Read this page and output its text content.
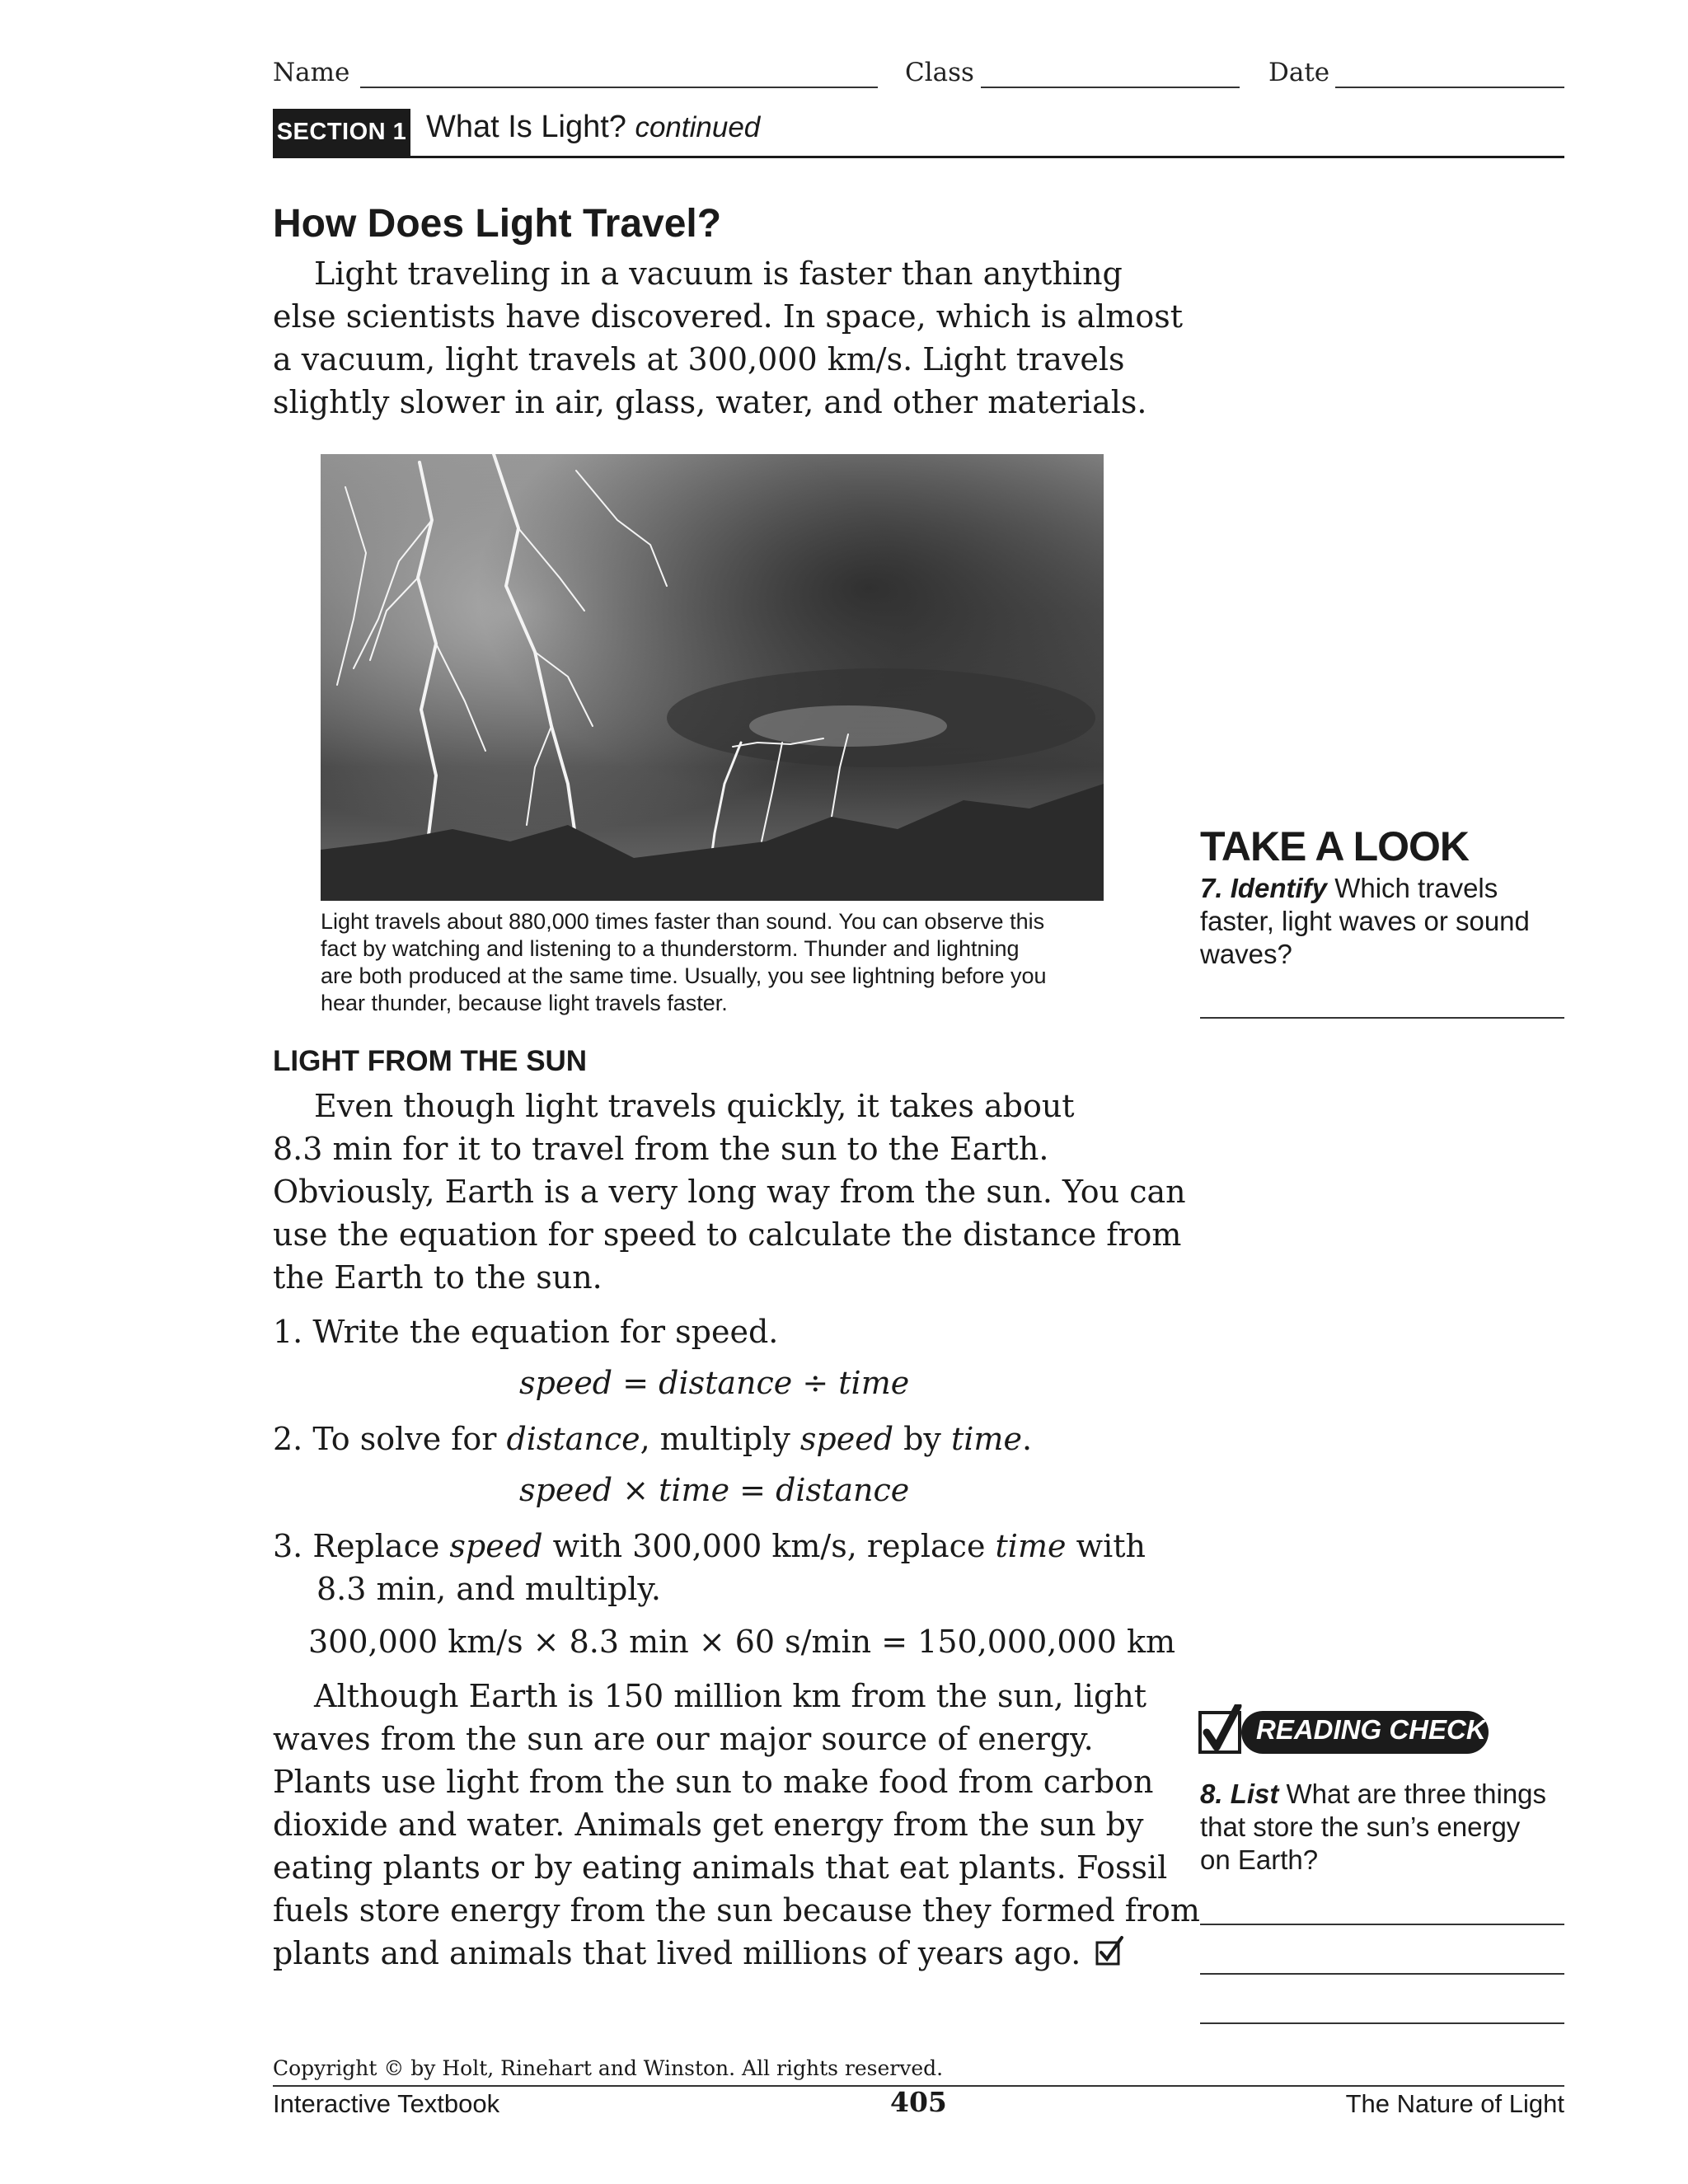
Name	Class	Date
SECTION 1 What Is Light? continued
How Does Light Travel?
Light traveling in a vacuum is faster than anything
else scientists have discovered. In space, which is almost
a vacuum, light travels at 300,000 km/s. Light travels
slightly slower in air, glass, water, and other materials.
Light travels about 880,000 times faster than sound. You can observe this
fact by watching and listening to a thunderstorm. Thunder and lightning
are both produced at the same time. Usually, you see lightning before you
hear thunder, because light travels faster.
LIGHT FROM THE SUN
Even though light travels quickly, it takes about
8.3 min for it to travel from the sun to the Earth.
Obviously, Earth is a very long way from the sun. You can
use the equation for speed to calculate the distance from
the Earth to the sun.
1. Write the equation for speed.
speed = distance ÷ time
2. To solve for distance, multiply speed by time.
speed × time = distance
3. Replace speed with 300,000 km/s, replace time with
8.3 min, and multiply.
300,000 km/s × 8.3 min × 60 s/min = 150,000,000 km
Although Earth is 150 million km from the sun, light
waves from the sun are our major source of energy.
Plants use light from the sun to make food from carbon
dioxide and water. Animals get energy from the sun by
eating plants or by eating animals that eat plants. Fossil
fuels store energy from the sun because they formed from
plants and animals that lived millions of years ago.
TAKE A LOOK
7. Identify Which travels
faster, light waves or sound
waves?
READING CHECK
8. List What are three things
that store the sun’s energy
on Earth?
Copyright © by Holt, Rinehart and Winston. All rights reserved.
Interactive Textbook	405	The Nature of Light
